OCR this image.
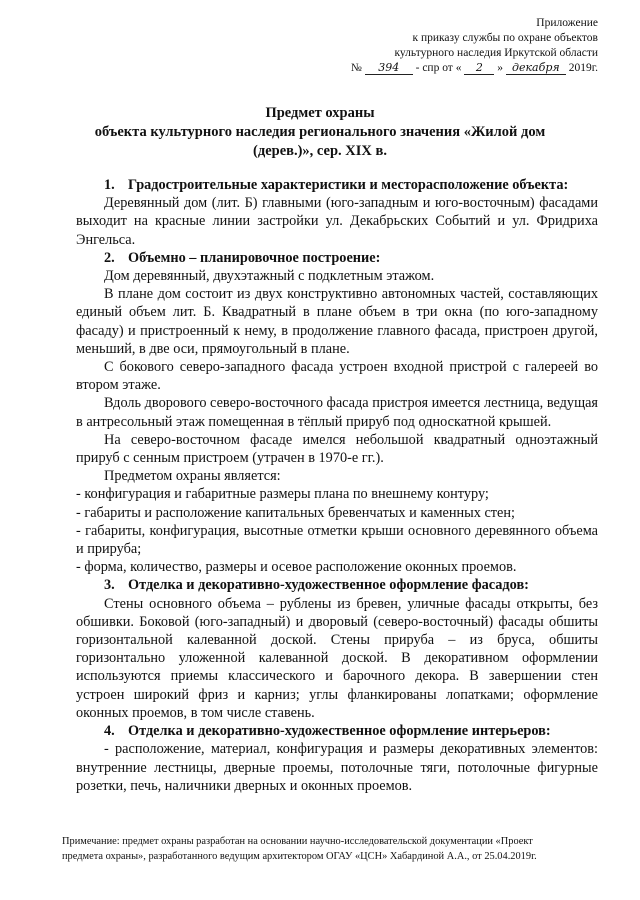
Приложение
к приказу службы по охране объектов
культурного наследия Иркутской области
№ 394 - спр от « 2 » декабря 2019г.
Предмет охраны
объекта культурного наследия регионального значения «Жилой дом
(дерев.)», сер. XIX в.

1. Градостроительные характеристики и месторасположение объекта:

Деревянный дом (лит. Б) главными (юго-западным и юго-восточным) фасадами выходит на красные линии застройки ул. Декабрьских Событий и ул. Фридриха Энгельса.

2. Объемно – планировочное построение:

Дом деревянный, двухэтажный с подклетным этажом.

В плане дом состоит из двух конструктивно автономных частей, составляющих единый объем лит. Б. Квадратный в плане объем в три окна (по юго-западному фасаду) и пристроенный к нему, в продолжение главного фасада, пристроен другой, меньший, в две оси, прямоугольный в плане.

С бокового северо-западного фасада устроен входной пристрой с галереей во втором этаже.

Вдоль дворового северо-восточного фасада пристроя имеется лестница, ведущая в антресольный этаж помещенная в тёплый прируб под односкатной крышей.

На северо-восточном фасаде имелся небольшой квадратный одноэтажный прируб с сенным пристроем (утрачен в 1970-е гг.).

Предметом охраны является:

- конфигурация и габаритные размеры плана по внешнему контуру;

- габариты и расположение капитальных бревенчатых и каменных стен;

- габариты, конфигурация, высотные отметки крыши основного деревянного объема и прируба;

- форма, количество, размеры и осевое расположение оконных проемов.

3. Отделка и декоративно-художественное оформление фасадов:

Стены основного объема – рублены из бревен, уличные фасады открыты, без обшивки. Боковой (юго-западный) и дворовый (северо-восточный) фасады обшиты горизонтальной калеванной доской. Стены прируба – из бруса, обшиты горизонтально уложенной калеванной доской. В декоративном оформлении используются приемы классического и барочного декора. В завершении стен устроен широкий фриз и карниз; углы фланкированы лопатками; оформление оконных проемов, в том числе ставень.

4. Отделка и декоративно-художественное оформление интерьеров:

- расположение, материал, конфигурация и размеры декоративных элементов: внутренние лестницы, дверные проемы, потолочные тяги, потолочные фигурные розетки, печь, наличники дверных и оконных проемов.

Примечание: предмет охраны разработан на основании научно-исследовательской документации «Проект
предмета охраны», разработанного ведущим архитектором ОГАУ «ЦСН» Хабардиной А.А., от 25.04.2019г.
